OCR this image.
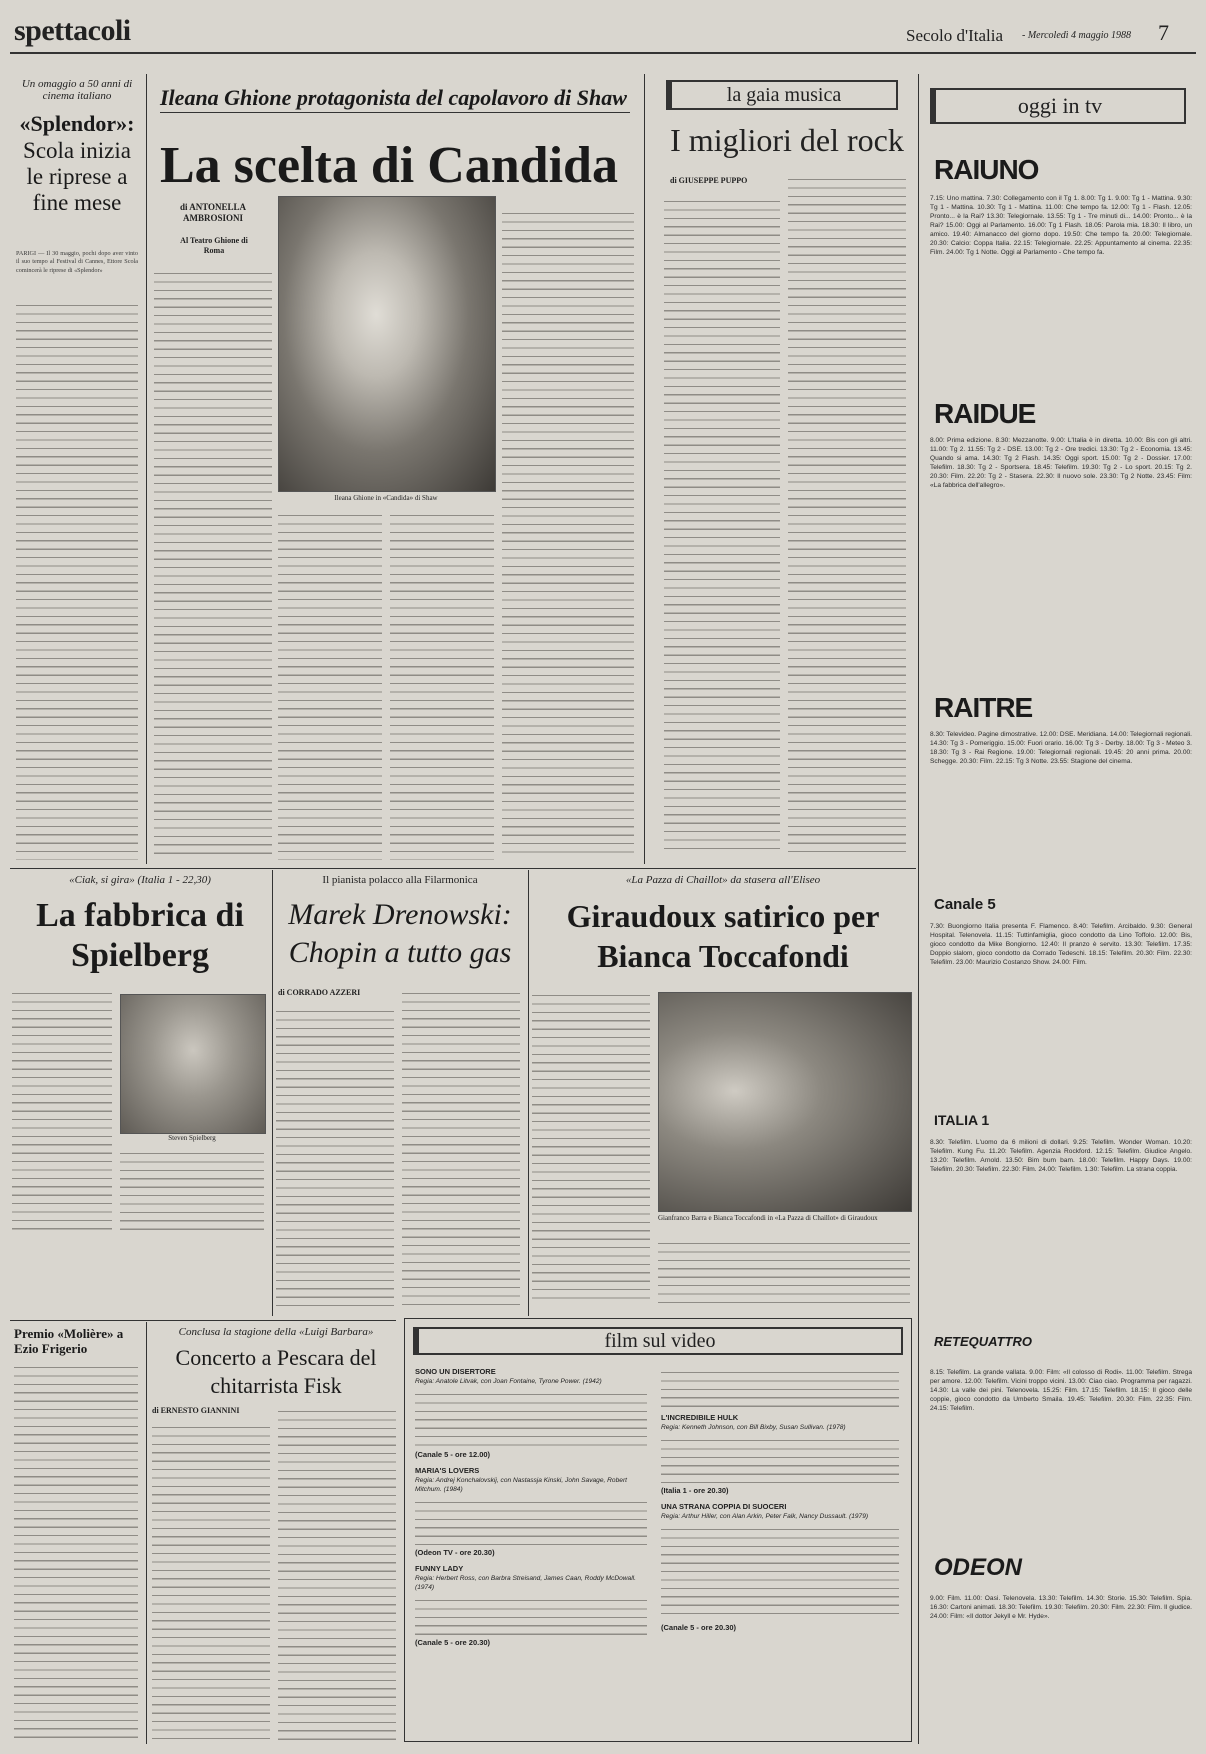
spettacoli	Secolo d'Italia - Mercoledì 4 maggio 1988 7
Un omaggio a 50 anni di cinema italiano
«Splendor»:
Scola inizia le riprese a fine mese
PARIGI — Il 30 maggio, pochi dopo aver vinto il suo tempo al Festival di Cannes, Ettore Scola comincerà le riprese di «Splendor»
Ileana Ghione protagonista del capolavoro di Shaw
La scelta di Candida
di ANTONELLA AMBROSIONI
Al Teatro Ghione di Roma
Ileana Ghione in «Candida» di Shaw
la gaia musica
I migliori del rock
di GIUSEPPE PUPPO
oggi in tv
RAIUNO
7.15: Uno mattina. 7.30: Collegamento con il Tg 1. 8.00: Tg 1. 9.00: Tg 1 - Mattina. 9.30: Tg 1 - Mattina. 10.30: Tg 1 - Mattina. 11.00: Che tempo fa. 12.00: Tg 1 - Flash. 12.05: Pronto... è la Rai? 13.30: Telegiornale. 13.55: Tg 1 - Tre minuti di... 14.00: Pronto... è la Rai? 15.00: Oggi al Parlamento. 16.00: Tg 1 Flash. 18.05: Parola mia. 18.30: Il libro, un amico. 19.40: Almanacco del giorno dopo. 19.50: Che tempo fa. 20.00: Telegiornale. 20.30: Calcio: Coppa Italia. 22.15: Telegiornale. 22.25: Appuntamento al cinema. 22.35: Film. 24.00: Tg 1 Notte. Oggi al Parlamento - Che tempo fa.
RAIDUE
8.00: Prima edizione. 8.30: Mezzanotte. 9.00: L'Italia è in diretta. 10.00: Bis con gli altri. 11.00: Tg 2. 11.55: Tg 2 - DSE. 13.00: Tg 2 - Ore tredici. 13.30: Tg 2 - Economia. 13.45: Quando si ama. 14.30: Tg 2 Flash. 14.35: Oggi sport. 15.00: Tg 2 - Dossier. 17.00: Telefilm. 18.30: Tg 2 - Sportsera. 18.45: Telefilm. 19.30: Tg 2 - Lo sport. 20.15: Tg 2. 20.30: Film. 22.20: Tg 2 - Stasera. 22.30: Il nuovo sole. 23.30: Tg 2 Notte. 23.45: Film: «La fabbrica dell'allegro».
RAITRE
8.30: Televideo. Pagine dimostrative. 12.00: DSE. Meridiana. 14.00: Telegiornali regionali. 14.30: Tg 3 - Pomeriggio. 15.00: Fuori orario. 16.00: Tg 3 - Derby. 18.00: Tg 3 - Meteo 3. 18.30: Tg 3 - Rai Regione. 19.00: Telegiornali regionali. 19.45: 20 anni prima. 20.00: Schegge. 20.30: Film. 22.15: Tg 3 Notte. 23.55: Stagione del cinema.
Canale 5
7.30: Buongiorno Italia presenta F. Flamenco. 8.40: Telefilm. Arcibaldo. 9.30: General Hospital. Telenovela. 11.15: Tuttinfamiglia, gioco condotto da Lino Toffolo. 12.00: Bis, gioco condotto da Mike Bongiorno. 12.40: Il pranzo è servito. 13.30: Telefilm. 17.35: Doppio slalom, gioco condotto da Corrado Tedeschi. 18.15: Telefilm. 20.30: Film. 22.30: Telefilm. 23.00: Maurizio Costanzo Show. 24.00: Film.
ITALIA 1
8.30: Telefilm. L'uomo da 6 milioni di dollari. 9.25: Telefilm. Wonder Woman. 10.20: Telefilm. Kung Fu. 11.20: Telefilm. Agenzia Rockford. 12.15: Telefilm. Giudice Angelo. 13.20: Telefilm. Arnold. 13.50: Bim bum bam. 18.00: Telefilm. Happy Days. 19.00: Telefilm. 20.30: Telefilm. 22.30: Film. 24.00: Telefilm. 1.30: Telefilm. La strana coppia.
RETEQUATTRO
8.15: Telefilm. La grande vallata. 9.00: Film: «Il colosso di Rodi». 11.00: Telefilm. Strega per amore. 12.00: Telefilm. Vicini troppo vicini. 13.00: Ciao ciao. Programma per ragazzi. 14.30: La valle dei pini. Telenovela. 15.25: Film. 17.15: Telefilm. 18.15: Il gioco delle coppie, gioco condotto da Umberto Smaila. 19.45: Telefilm. 20.30: Film. 22.35: Film. 24.15: Telefilm.
ODEON
9.00: Film. 11.00: Oasi. Telenovela. 13.30: Telefilm. 14.30: Storie. 15.30: Telefilm. Spia. 16.30: Cartoni animati. 18.30: Telefilm. 19.30: Telefilm. 20.30: Film. 22.30: Film. Il giudice. 24.00: Film: «Il dottor Jekyll e Mr. Hyde».
«Ciak, si gira» (Italia 1 - 22,30)
La fabbrica di Spielberg
Steven Spielberg
Il pianista polacco alla Filarmonica
Marek Drenowski: Chopin a tutto gas
di CORRADO AZZERI
«La Pazza di Chaillot» da stasera all'Eliseo
Giraudoux satirico per Bianca Toccafondi
Gianfranco Barra e Bianca Toccafondi in «La Pazza di Chaillot» di Giraudoux
Premio «Molière» a Ezio Frigerio
Conclusa la stagione della «Luigi Barbara»
Concerto a Pescara del chitarrista Fisk
di ERNESTO GIANNINI
film sul video
SONO UN DISERTORE
Regia: Anatole Litvak, con Joan Fontaine, Tyrone Power. (1942)
(Canale 5 - ore 12.00)
MARIA'S LOVERS
Regia: Andrej Konchalovskij, con Nastassja Kinski, John Savage, Robert Mitchum. (1984)
(Odeon TV - ore 20.30)
FUNNY LADY
Regia: Herbert Ross, con Barbra Streisand, James Caan, Roddy McDowall. (1974)
(Canale 5 - ore 20.30)
L'INCREDIBILE HULK
Regia: Kenneth Johnson, con Bill Bixby, Susan Sullivan. (1978)
(Italia 1 - ore 20.30)
UNA STRANA COPPIA DI SUOCERI
Regia: Arthur Hiller, con Alan Arkin, Peter Falk, Nancy Dussault. (1979)
(Canale 5 - ore 20.30)
